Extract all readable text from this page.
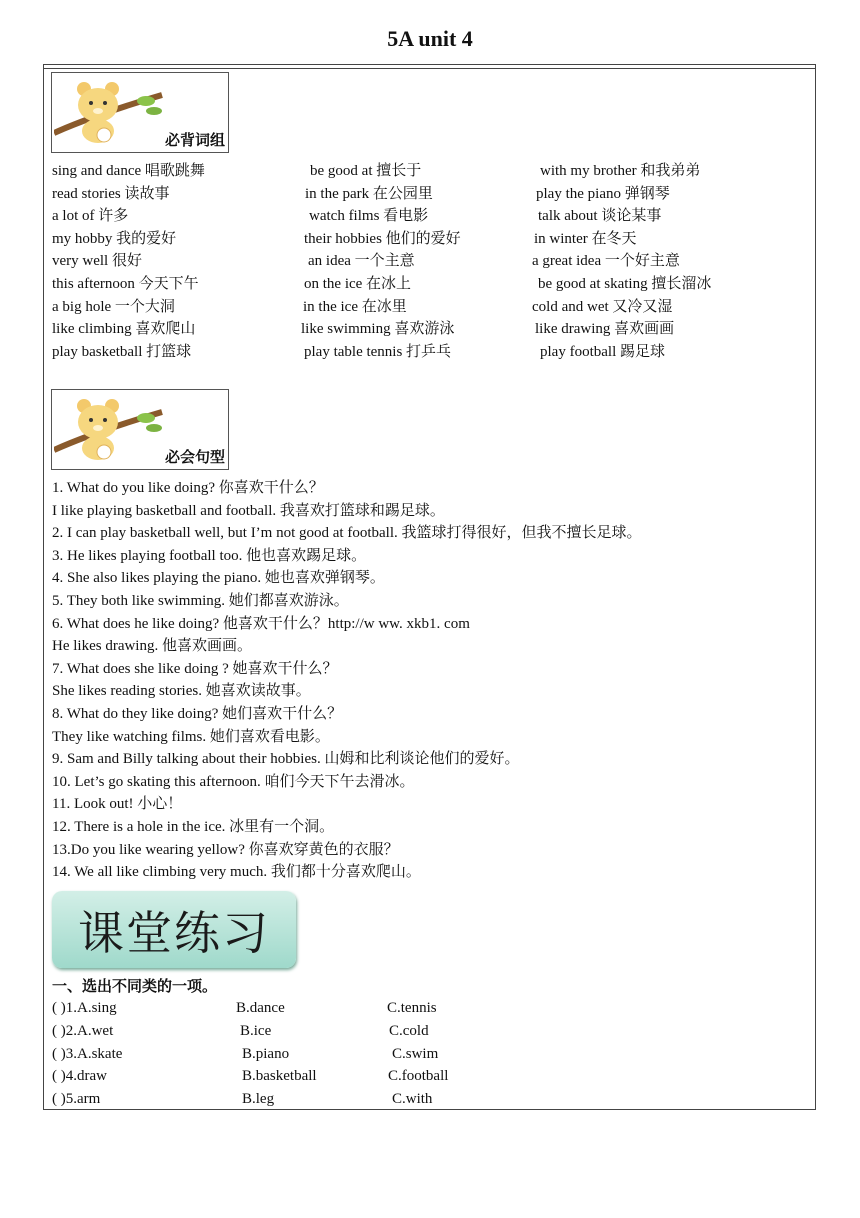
5A unit 4
必背词组
sing and dance 唱歌跳舞	be good at 擅长于	with my brother 和我弟弟
read stories 读故事	in the park 在公园里	play the piano 弹钢琴
a lot of 许多	watch films 看电影	talk about 谈论某事
my hobby 我的爱好	their hobbies 他们的爱好	in winter 在冬天
very well 很好	an idea 一个主意	a great idea 一个好主意
this afternoon 今天下午	on the ice 在冰上	be good at skating 擅长溜冰
a big hole 一个大洞	in the ice 在冰里	cold and wet 又冷又湿
like climbing 喜欢爬山	like swimming 喜欢游泳	like drawing 喜欢画画
play basketball 打篮球	play table tennis 打乒乓	play football 踢足球
必会句型
1. What do you like doing? 你喜欢干什么？
I like playing basketball and football. 我喜欢打篮球和踢足球。
2. I can play basketball well, but I’m not good at football. 我篮球打得很好，但我不擅长足球。
3. He likes playing football too. 他也喜欢踢足球。
4. She also likes playing the piano. 她也喜欢弹钢琴。
5. They both like swimming. 她们都喜欢游泳。
6. What does he like doing? 他喜欢干什么？http://w ww. xkb1. com
He likes drawing. 他喜欢画画。
7. What does she like doing ? 她喜欢干什么？
She likes reading stories. 她喜欢读故事。
8. What do they like doing? 她们喜欢干什么？
They like watching films. 她们喜欢看电影。
9. Sam and Billy talking about their hobbies. 山姆和比利谈论他们的爱好。
10. Let’s go skating this afternoon. 咱们今天下午去滑冰。
11. Look out! 小心！
12. There is a hole in the ice. 冰里有一个洞。
13.Do you like wearing yellow? 你喜欢穿黄色的衣服？
14. We all like climbing very much. 我们都十分喜欢爬山。
课堂练习
一、选出不同类的一项。
( )1.A.sing	B.dance	C.tennis
( )2.A.wet	B.ice	C.cold
( )3.A.skate	B.piano	C.swim
( )4.draw	B.basketball	C.football
( )5.arm	B.leg	C.with
